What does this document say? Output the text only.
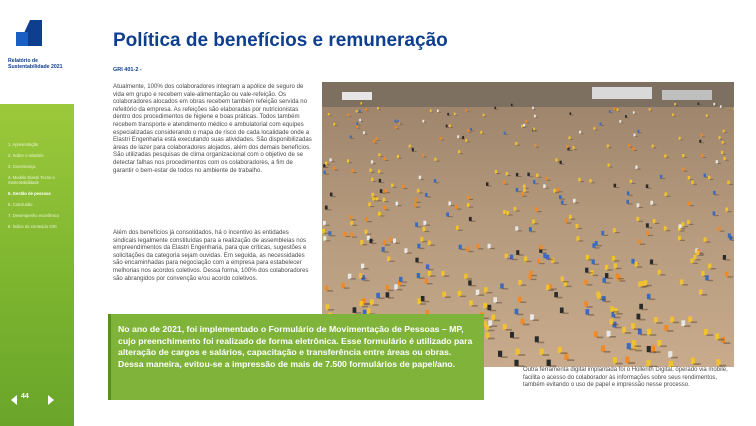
Relatório de Sustentabilidade 2021
1. Apresentação
2. Sobre o relatório
3. Governança
4. Modelo Elastri Tecno e Sustentabilidade
5. Gestão de pessoas
6. Conclusão
7. Desempenho econômico
8. Índice de conteúdo GRI
44
Política de benefícios e remuneração
GRI 401-2 -
Atualmente, 100% dos colaboradores integram a apólice de seguro de vida em grupo e recebem vale-alimentação ou vale-refeição. Os colaboradores alocados em obras recebem também refeição servida no refeitório da empresa. As refeições são elaboradas por nutricionistas dentro dos procedimentos de higiene e boas práticas. Todos também recebem transporte e atendimento médico e ambulatorial com equipes especializadas considerando o mapa de risco de cada localidade onde a Elastri Engenharia está executando suas atividades. São disponibilizadas áreas de lazer para colaboradores alojados, além dos demais benefícios. São utilizadas pesquisas de clima organizacional com o objetivo de se detectar falhas nos procedimentos com os colaboradores, a fim de garantir o bem-estar de todos no ambiente de trabalho.
Além dos benefícios já consolidados, há o incentivo às entidades sindicais legalmente constituídas para a realização de assembleias nos empreendimentos da Elastri Engenharia, para que críticas, sugestões e solicitações da categoria sejam ouvidas. Em seguida, as necessidades são encaminhadas para negociação com a empresa para estabelecer melhorias nos acordos coletivos. Dessa forma, 100% dos colaboradores são abrangidos por convenção e/ou acordo coletivos.
No ano de 2021, foi implementado o Formulário de Movimentação de Pessoas – MP, cujo preenchimento foi realizado de forma eletrônica. Esse formulário é utilizado para alteração de cargos e salários, capacitação e transferência entre áreas ou obras. Dessa maneira, evitou-se a impressão de mais de 7.500 formulários de papel/ano.
Outra ferramenta digital implantada foi o Hollerith Digital, operado via mobile, facilita o acesso do colaborador às informações sobre seus rendimentos, também evitando o uso de papel e impressão nesse processo.
